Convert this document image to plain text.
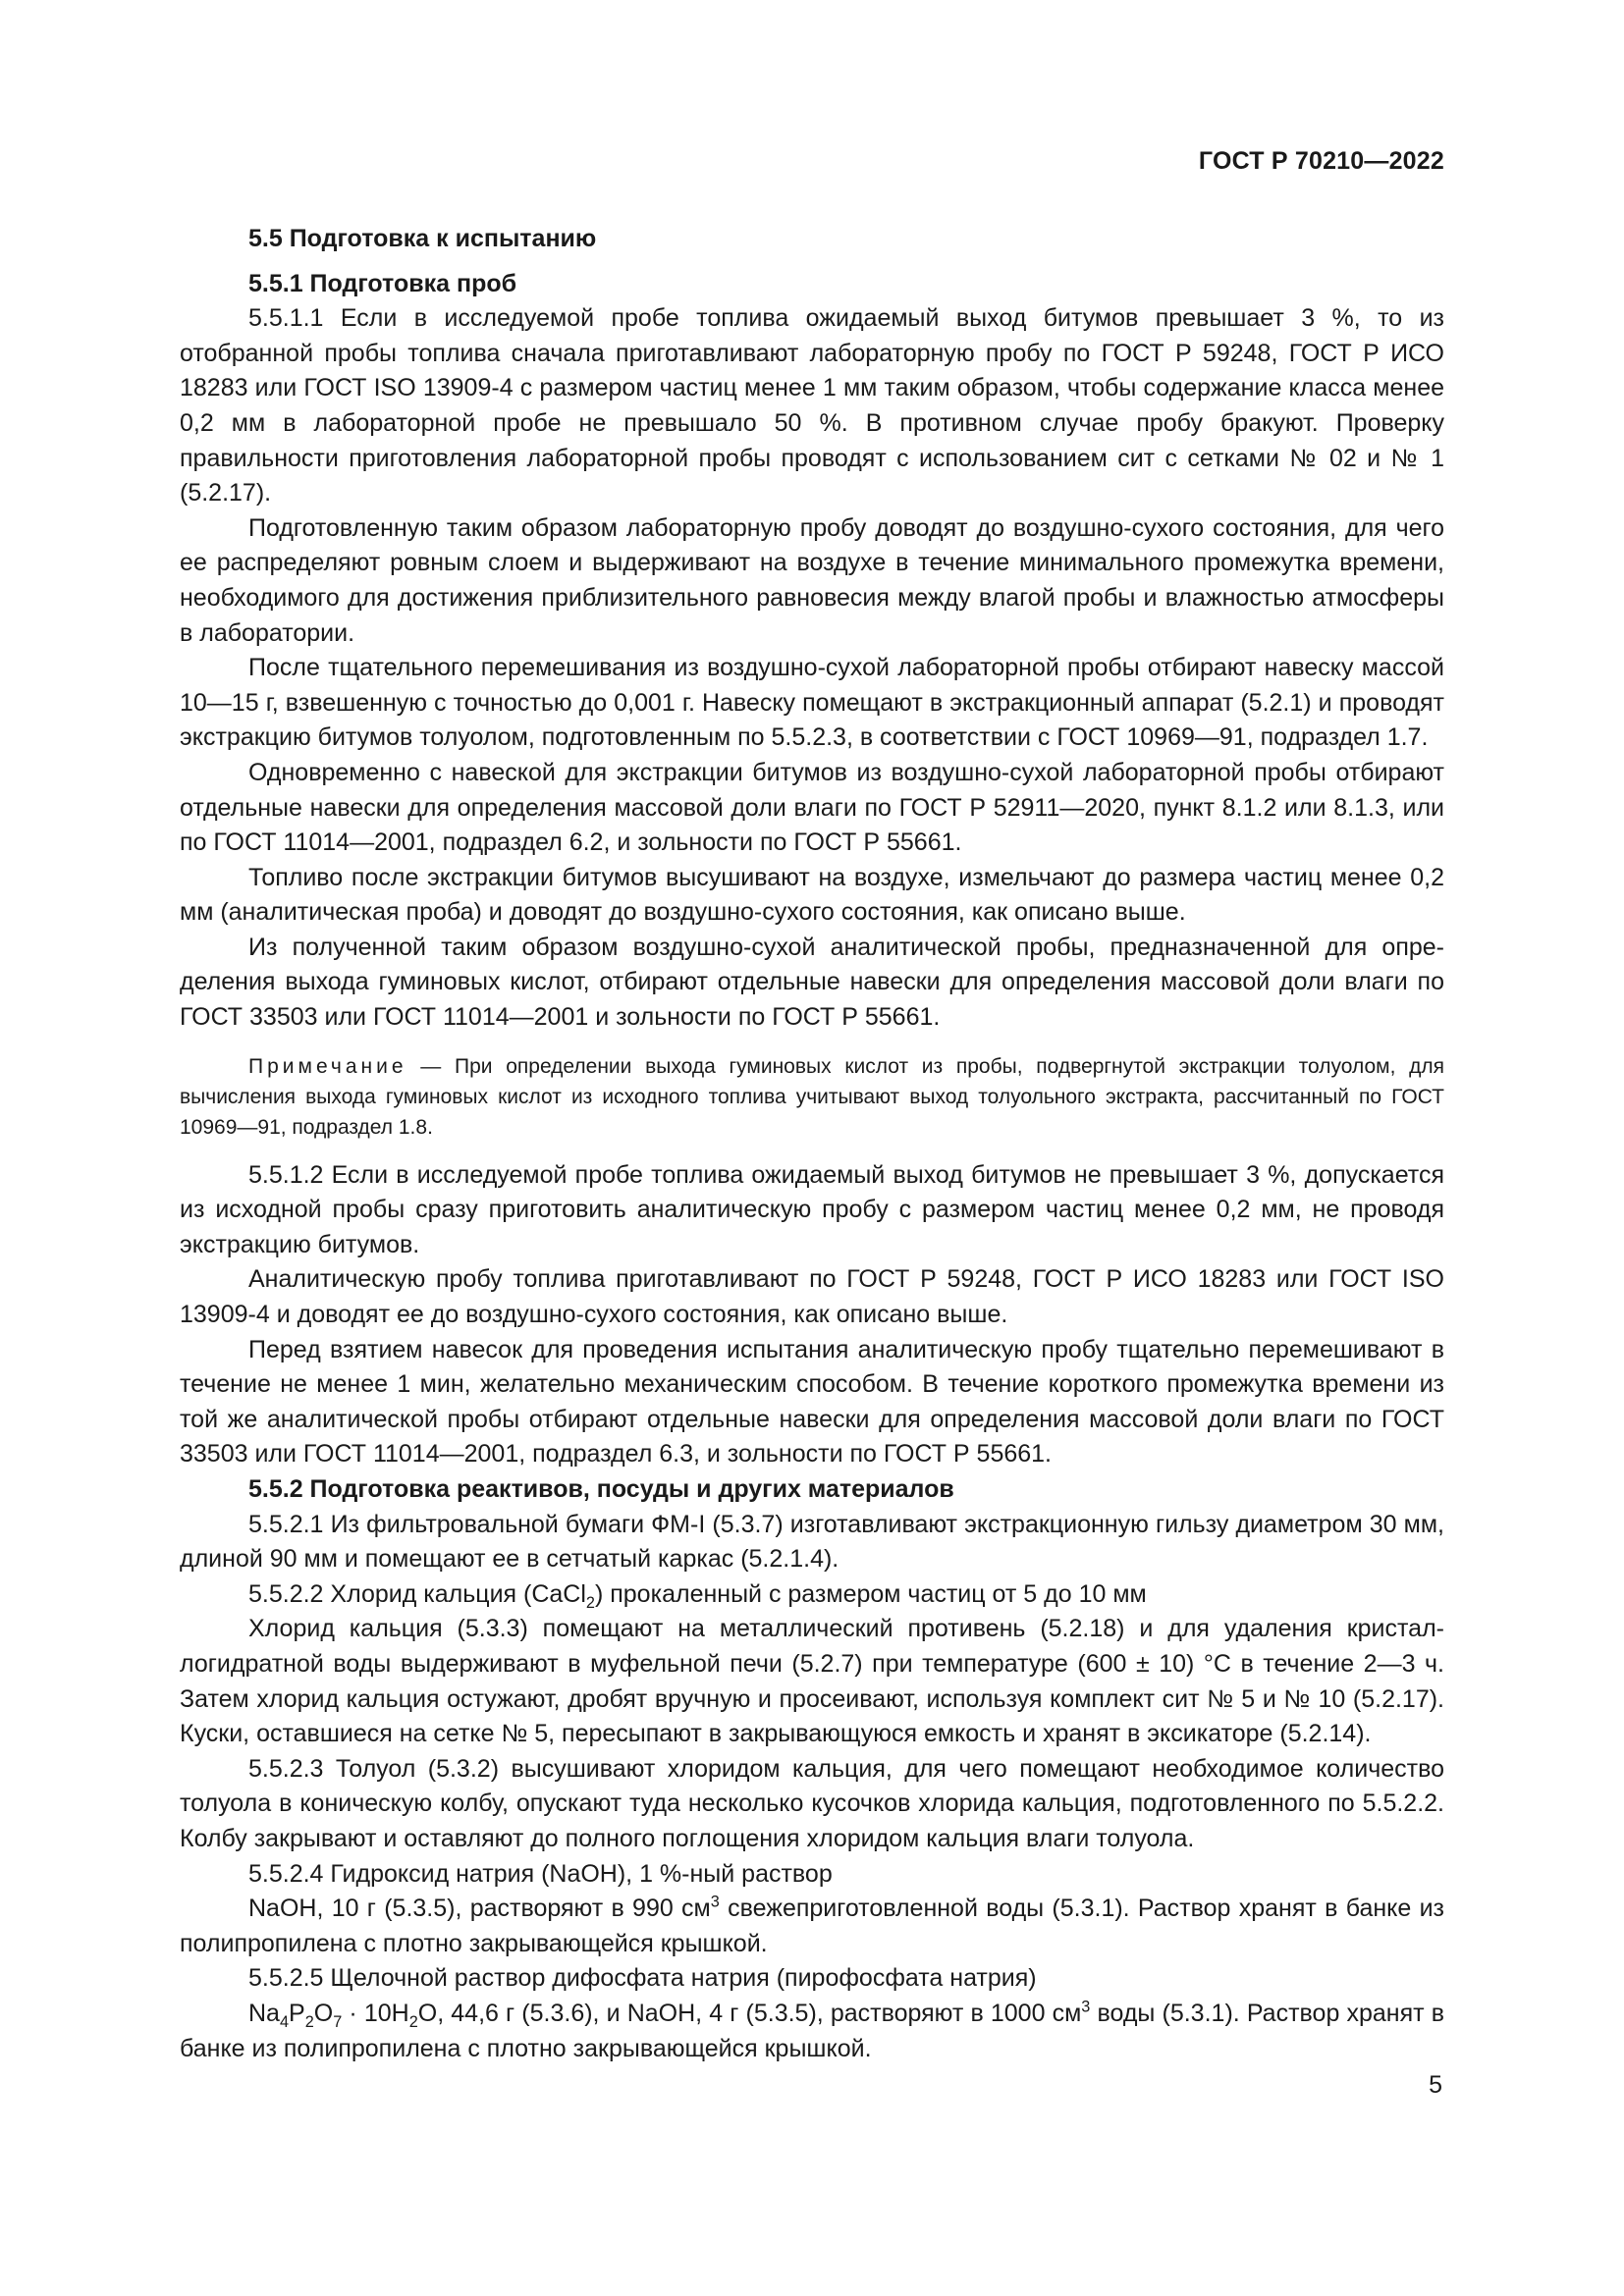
ГОСТ Р 70210—2022

5.5 Подготовка к испытанию

5.5.1 Подготовка проб

5.5.1.1 Если в исследуемой пробе топлива ожидаемый выход битумов превышает 3 %, то из отобранной пробы топлива сначала приготавливают лабораторную пробу по ГОСТ Р 59248, ГОСТ Р ИСО 18283 или ГОСТ ISO 13909-4 с размером частиц менее 1 мм таким образом, чтобы содержание класса менее 0,2 мм в лабораторной пробе не превышало 50 %. В противном случае пробу бракуют. Проверку правильности приготовления лабораторной пробы проводят с использованием сит с сетками № 02 и № 1 (5.2.17).

Подготовленную таким образом лабораторную пробу доводят до воздушно-сухого состояния, для чего ее распределяют ровным слоем и выдерживают на воздухе в течение минимального промежутка времени, необходимого для достижения приблизительного равновесия между влагой пробы и влажностью атмосферы в лаборатории.

После тщательного перемешивания из воздушно-сухой лабораторной пробы отбирают навеску массой 10—15 г, взвешенную с точностью до 0,001 г. Навеску помещают в экстракционный аппарат (5.2.1) и проводят экстракцию битумов толуолом, подготовленным по 5.5.2.3, в соответствии с ГОСТ 10969—91, подраздел 1.7.

Одновременно с навеской для экстракции битумов из воздушно-сухой лабораторной пробы отбирают отдельные навески для определения массовой доли влаги по ГОСТ Р 52911—2020, пункт 8.1.2 или 8.1.3, или по ГОСТ 11014—2001, подраздел 6.2, и зольности по ГОСТ Р 55661.

Топливо после экстракции битумов высушивают на воздухе, измельчают до размера частиц менее 0,2 мм (аналитическая проба) и доводят до воздушно-сухого состояния, как описано выше.

Из полученной таким образом воздушно-сухой аналитической пробы, предназначенной для определения выхода гуминовых кислот, отбирают отдельные навески для определения массовой доли влаги по ГОСТ 33503 или ГОСТ 11014—2001 и зольности по ГОСТ Р 55661.

Примечание — При определении выхода гуминовых кислот из пробы, подвергнутой экстракции толуолом, для вычисления выхода гуминовых кислот из исходного топлива учитывают выход толуольного экстракта, рассчитанный по ГОСТ 10969—91, подраздел 1.8.

5.5.1.2 Если в исследуемой пробе топлива ожидаемый выход битумов не превышает 3 %, допускается из исходной пробы сразу приготовить аналитическую пробу с размером частиц менее 0,2 мм, не проводя экстракцию битумов.

Аналитическую пробу топлива приготавливают по ГОСТ Р 59248, ГОСТ Р ИСО 18283 или ГОСТ ISO 13909-4 и доводят ее до воздушно-сухого состояния, как описано выше.

Перед взятием навесок для проведения испытания аналитическую пробу тщательно перемешивают в течение не менее 1 мин, желательно механическим способом. В течение короткого промежутка времени из той же аналитической пробы отбирают отдельные навески для определения массовой доли влаги по ГОСТ 33503 или ГОСТ 11014—2001, подраздел 6.3, и зольности по ГОСТ Р 55661.

5.5.2 Подготовка реактивов, посуды и других материалов

5.5.2.1 Из фильтровальной бумаги ФМ-I (5.3.7) изготавливают экстракционную гильзу диаметром 30 мм, длиной 90 мм и помещают ее в сетчатый каркас (5.2.1.4).

5.5.2.2 Хлорид кальция (CaCl$_2$) прокаленный с размером частиц от 5 до 10 мм

Хлорид кальция (5.3.3) помещают на металлический противень (5.2.18) и для удаления кристаллогидратной воды выдерживают в муфельной печи (5.2.7) при температуре (600 ± 10) °С в течение 2—3 ч. Затем хлорид кальция остужают, дробят вручную и просеивают, используя комплект сит № 5 и № 10 (5.2.17). Куски, оставшиеся на сетке № 5, пересыпают в закрывающуюся емкость и хранят в эксикаторе (5.2.14).

5.5.2.3 Толуол (5.3.2) высушивают хлоридом кальция, для чего помещают необходимое количество толуола в коническую колбу, опускают туда несколько кусочков хлорида кальция, подготовленного по 5.5.2.2. Колбу закрывают и оставляют до полного поглощения хлоридом кальция влаги толуола.

5.5.2.4 Гидроксид натрия (NaOH), 1 %-ный раствор

NaOH, 10 г (5.3.5), растворяют в 990 $см^3$ свежеприготовленной воды (5.3.1). Раствор хранят в банке из полипропилена с плотно закрывающейся крышкой.

5.5.2.5 Щелочной раствор дифосфата натрия (пирофосфата натрия)

$Na_4P_2O_7 \cdot 10H_2O$, 44,6 г (5.3.6), и NaOH, 4 г (5.3.5), растворяют в 1000 $см^3$ воды (5.3.1). Раствор хранят в банке из полипропилена с плотно закрывающейся крышкой.

5
